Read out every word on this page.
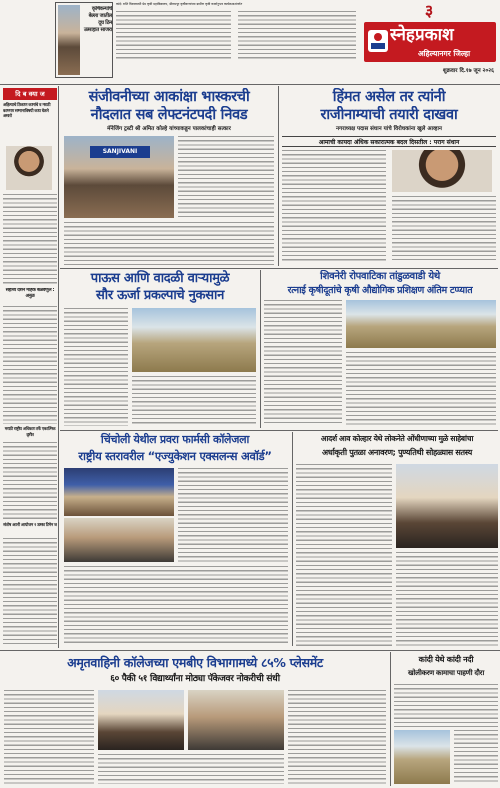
कृषिकन्यांचे बेल्ला जातील दूध ठिन उत्साहात साजरा
कांदे: राशि विश्वव्यापी प्रेम कृषी महाविद्यालय, श्रीरामपूर कृषीकन्यांच्या ग्रामीण कृषी कार्यानुभव कार्यक्रमाअंतर्गत	३
स्नेहप्रकाश
अहिल्यानगर जिल्हा
शुक्रवार दि.१७ जून २०२६
दि ब क्या ज
अहिल्याचे ठिकाण कामांचे व मराठी कामगार सम्मानाविषयी काय घेतले असतो
सहाय्य देशने मोहक बळवणुल : अनुळ
मराठी राष्ट्रीय अधिकार तर्फे एकात्मिक दृष्टीत
संतोष आली आयोजन २ उत्सव टिमेन ज
संजीवनीच्या आकांक्षा भास्करची
नौदलात सब लेफ्टनंटपदी निवड
मॅनेजिंग ट्रस्टी श्री अमित कोल्हे यांच्याकडून पालकांचाही सत्कार
SANJIVANI
हिंमत असेल तर त्यांनी
राजीनाम्याची तयारी दाखवा
नगराध्यक्ष पदास संधान यांचे विरोधकांना खुले आव्हान
आमाची कायदा अंधिक सकारात्मक बदल दिसतील : पराग संधान
पाऊस आणि वादळी वाऱ्यामुळे
सौर ऊर्जा प्रकल्पाचे नुकसान
शिवनेरी रोपवाटिका तांडुळवाडी येथे
रत्नाई कृषीदूतांचे कृषी औद्योगिक प्रशिक्षण अंतिम टप्प्यात
चिंचोली येथील प्रवरा फार्मसी कॉलेजला
राष्ट्रीय स्तरावरील “एज्युकेशन एक्सलन्स अवॉर्ड”
आदर्श आव कोल्हार येथे लोकनेते ओंधीणाच्या मुळे साहेबांचा
अर्धाकृती पुतळा अनावरण; पुण्यतिथी सोहळ्यास सतस्य
अमृतवाहिनी कॉलेजच्या एमबीए विभागामध्ये ८५% प्लेसमेंट
६० पैकी ५१ विद्यार्थ्यांना मोठ्या पॅकेजवर नोकरीची संधी
कांदी येथे कांदी नदी
खोलीकरण कामाचा पाहणी दौरा
